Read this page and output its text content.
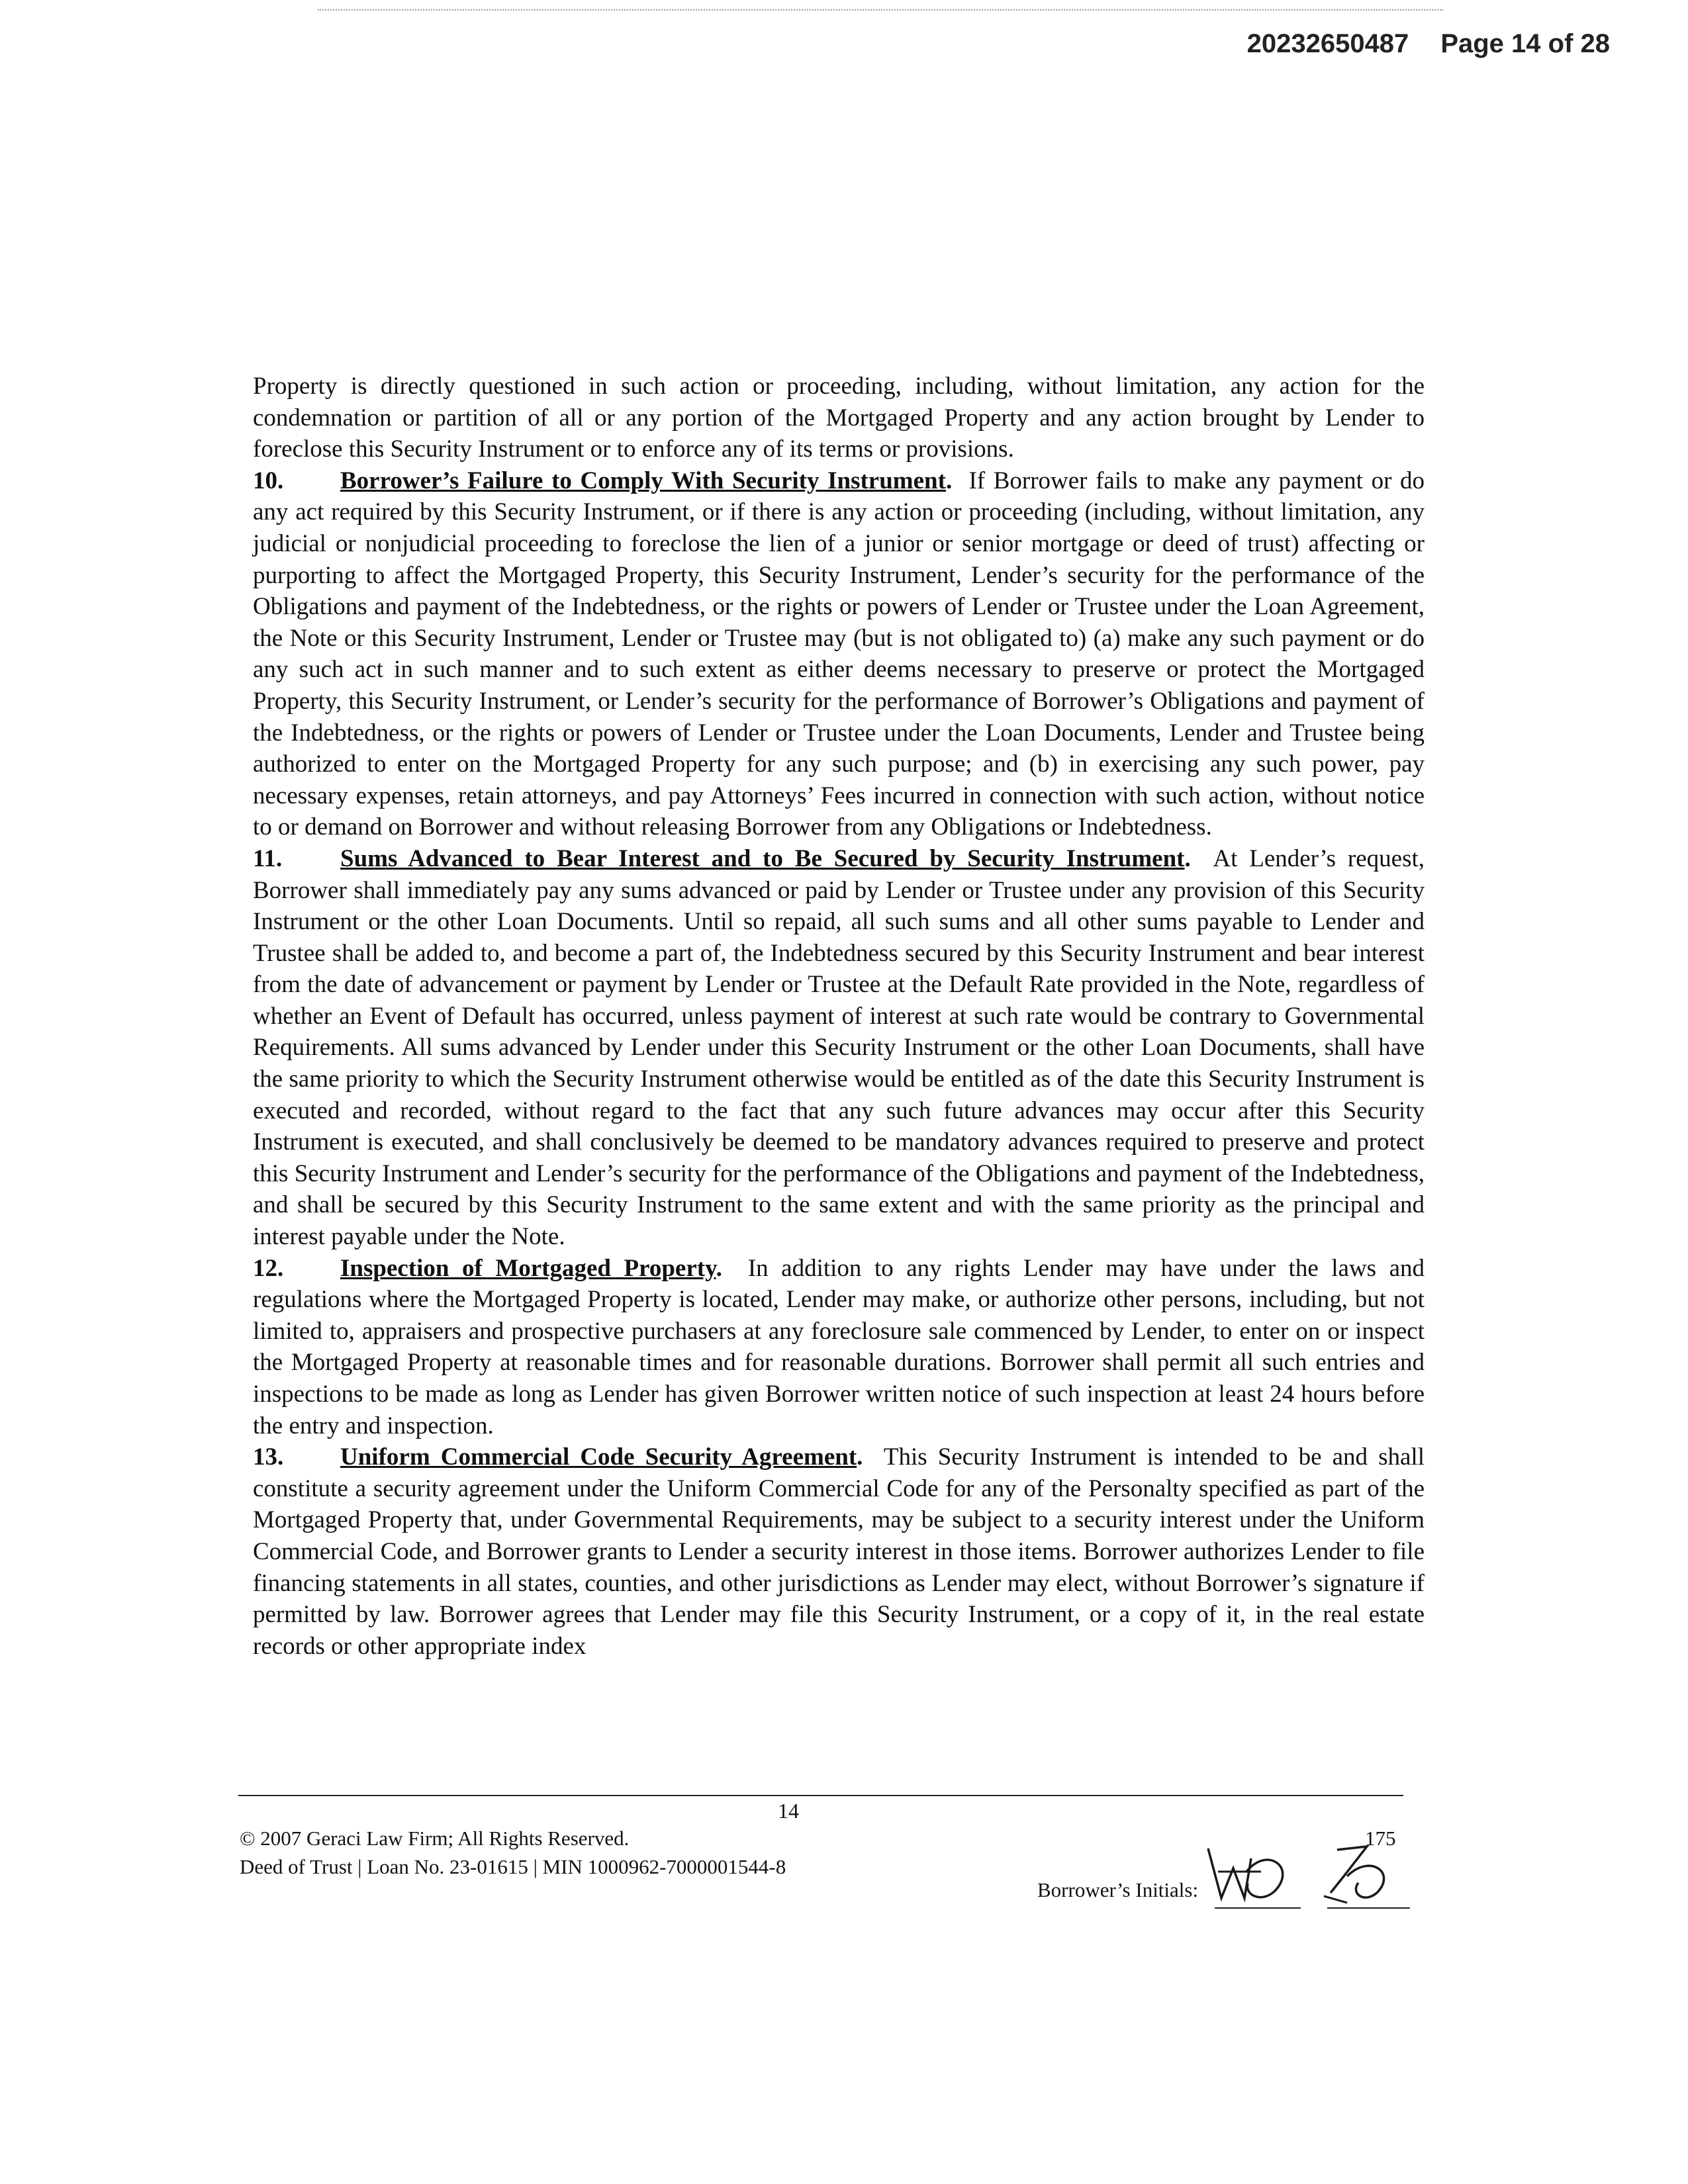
20232650487 Page 14 of 28

Property is directly questioned in such action or proceeding, including, without limitation, any action for the condemnation or partition of all or any portion of the Mortgaged Property and any action brought by Lender to foreclose this Security Instrument or to enforce any of its terms or provisions.

10. Borrower’s Failure to Comply With Security Instrument. If Borrower fails to make any payment or do any act required by this Security Instrument, or if there is any action or proceeding (including, without limitation, any judicial or nonjudicial proceeding to foreclose the lien of a junior or senior mortgage or deed of trust) affecting or purporting to affect the Mortgaged Property, this Security Instrument, Lender’s security for the performance of the Obligations and payment of the Indebtedness, or the rights or powers of Lender or Trustee under the Loan Agreement, the Note or this Security Instrument, Lender or Trustee may (but is not obligated to) (a) make any such payment or do any such act in such manner and to such extent as either deems necessary to preserve or protect the Mortgaged Property, this Security Instrument, or Lender’s security for the performance of Borrower’s Obligations and payment of the Indebtedness, or the rights or powers of Lender or Trustee under the Loan Documents, Lender and Trustee being authorized to enter on the Mortgaged Property for any such purpose; and (b) in exercising any such power, pay necessary expenses, retain attorneys, and pay Attorneys’ Fees incurred in connection with such action, without notice to or demand on Borrower and without releasing Borrower from any Obligations or Indebtedness.

11. Sums Advanced to Bear Interest and to Be Secured by Security Instrument. At Lender’s request, Borrower shall immediately pay any sums advanced or paid by Lender or Trustee under any provision of this Security Instrument or the other Loan Documents. Until so repaid, all such sums and all other sums payable to Lender and Trustee shall be added to, and become a part of, the Indebtedness secured by this Security Instrument and bear interest from the date of advancement or payment by Lender or Trustee at the Default Rate provided in the Note, regardless of whether an Event of Default has occurred, unless payment of interest at such rate would be contrary to Governmental Requirements. All sums advanced by Lender under this Security Instrument or the other Loan Documents, shall have the same priority to which the Security Instrument otherwise would be entitled as of the date this Security Instrument is executed and recorded, without regard to the fact that any such future advances may occur after this Security Instrument is executed, and shall conclusively be deemed to be mandatory advances required to preserve and protect this Security Instrument and Lender’s security for the performance of the Obligations and payment of the Indebtedness, and shall be secured by this Security Instrument to the same extent and with the same priority as the principal and interest payable under the Note.

12. Inspection of Mortgaged Property. In addition to any rights Lender may have under the laws and regulations where the Mortgaged Property is located, Lender may make, or authorize other persons, including, but not limited to, appraisers and prospective purchasers at any foreclosure sale commenced by Lender, to enter on or inspect the Mortgaged Property at reasonable times and for reasonable durations. Borrower shall permit all such entries and inspections to be made as long as Lender has given Borrower written notice of such inspection at least 24 hours before the entry and inspection.

13. Uniform Commercial Code Security Agreement. This Security Instrument is intended to be and shall constitute a security agreement under the Uniform Commercial Code for any of the Personalty specified as part of the Mortgaged Property that, under Governmental Requirements, may be subject to a security interest under the Uniform Commercial Code, and Borrower grants to Lender a security interest in those items. Borrower authorizes Lender to file financing statements in all states, counties, and other jurisdictions as Lender may elect, without Borrower’s signature if permitted by law. Borrower agrees that Lender may file this Security Instrument, or a copy of it, in the real estate records or other appropriate index

14
© 2007 Geraci Law Firm; All Rights Reserved.
Deed of Trust | Loan No. 23-01615 | MIN 1000962-7000001544-8
175
Borrower’s Initials:
